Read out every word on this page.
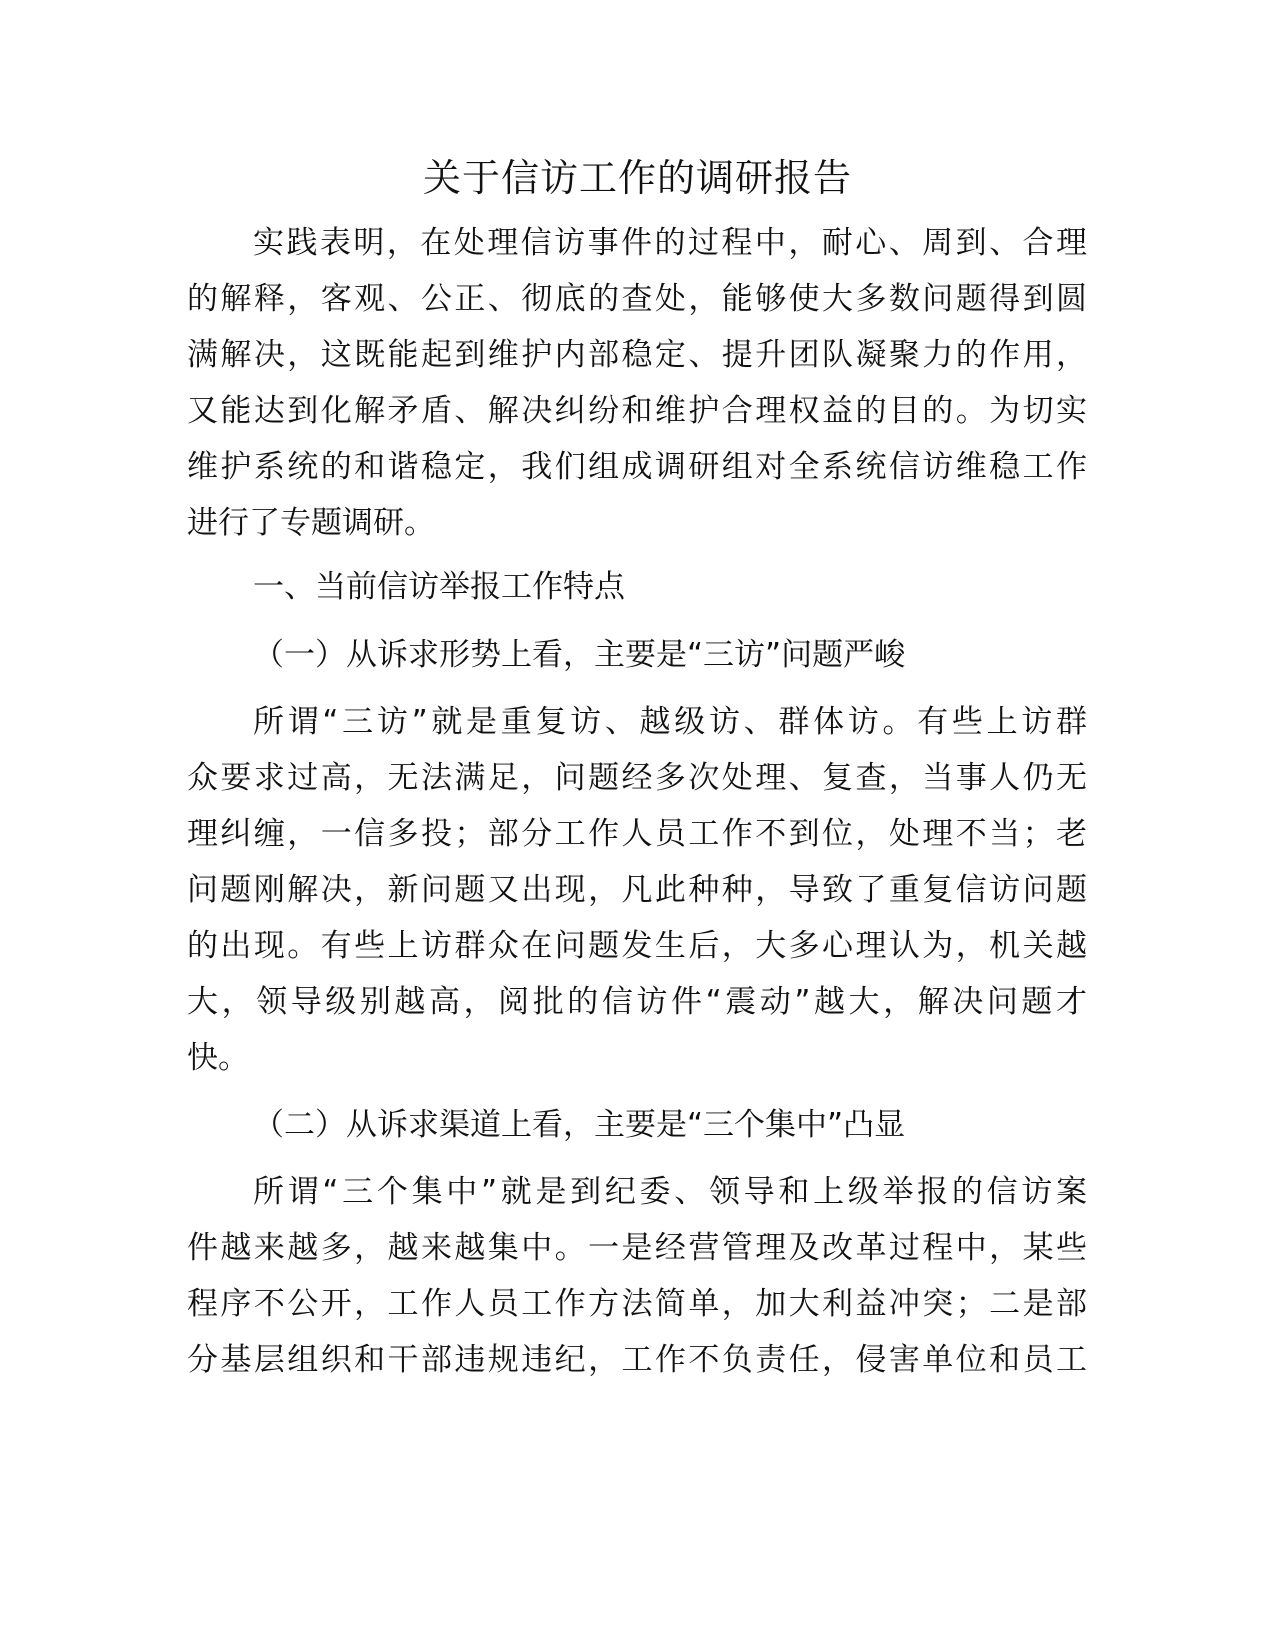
关于信访工作的调研报告
实践表明，在处理信访事件的过程中，耐心、周到、合理
的解释，客观、公正、彻底的查处，能够使大多数问题得到圆
满解决，这既能起到维护内部稳定、提升团队凝聚力的作用，
又能达到化解矛盾、解决纠纷和维护合理权益的目的。为切实
维护系统的和谐稳定，我们组成调研组对全系统信访维稳工作
进行了专题调研。
一、当前信访举报工作特点
（一）从诉求形势上看，主要是“三访”问题严峻
所谓“三访”就是重复访、越级访、群体访。有些上访群
众要求过高，无法满足，问题经多次处理、复查，当事人仍无
理纠缠，一信多投；部分工作人员工作不到位，处理不当；老
问题刚解决，新问题又出现，凡此种种，导致了重复信访问题
的出现。有些上访群众在问题发生后，大多心理认为，机关越
大，领导级别越高，阅批的信访件“震动”越大，解决问题才
快。
（二）从诉求渠道上看，主要是“三个集中”凸显
所谓“三个集中”就是到纪委、领导和上级举报的信访案
件越来越多，越来越集中。一是经营管理及改革过程中，某些
程序不公开，工作人员工作方法简单，加大利益冲突；二是部
分基层组织和干部违规违纪，工作不负责任，侵害单位和员工
